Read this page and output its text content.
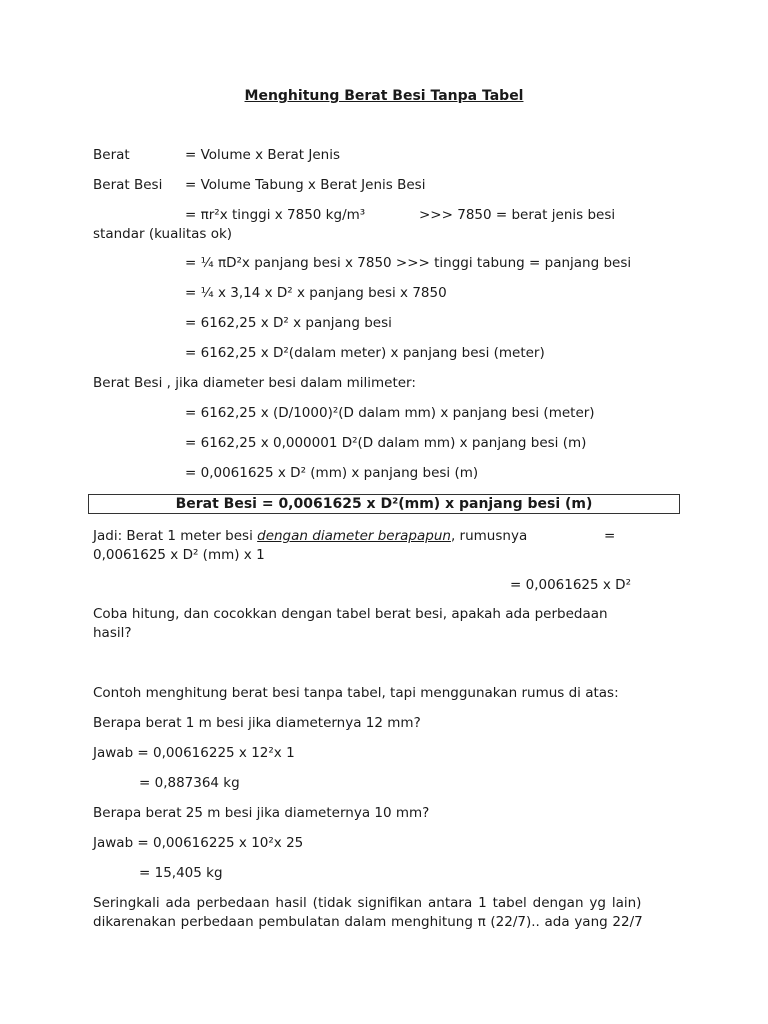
Menghitung Berat Besi Tanpa Tabel
Berat	= Volume x Berat Jenis
Berat Besi = Volume Tabung x Berat Jenis Besi
= πr²x tinggi x 7850 kg/m³	>>> 7850 = berat jenis besi
standar (kualitas ok)
= ¼ πD²x panjang besi x 7850 >>> tinggi tabung = panjang besi
= ¼ x 3,14 x D² x panjang besi x 7850
= 6162,25 x D² x panjang besi
= 6162,25 x D²(dalam meter) x panjang besi (meter)
Berat Besi , jika diameter besi dalam milimeter:
= 6162,25 x (D/1000)²(D dalam mm) x panjang besi (meter)
= 6162,25 x 0,000001 D²(D dalam mm) x panjang besi (m)
= 0,0061625 x D² (mm) x panjang besi (m)
Berat Besi = 0,0061625 x D²(mm) x panjang besi (m)
Jadi: Berat 1 meter besi dengan diameter berapapun, rumusnya	=
0,0061625 x D² (mm) x 1
= 0,0061625 x D²
Coba hitung, dan cocokkan dengan tabel berat besi, apakah ada perbedaan
hasil?
Contoh menghitung berat besi tanpa tabel, tapi menggunakan rumus di atas:
Berapa berat 1 m besi jika diameternya 12 mm?
Jawab = 0,00616225 x 12²x 1
= 0,887364 kg
Berapa berat 25 m besi jika diameternya 10 mm?
Jawab = 0,00616225 x 10²x 25
= 15,405 kg
Seringkali ada perbedaan hasil (tidak signifikan antara 1 tabel dengan yg lain)
dikarenakan perbedaan pembulatan dalam menghitung π (22/7).. ada yang 22/7
